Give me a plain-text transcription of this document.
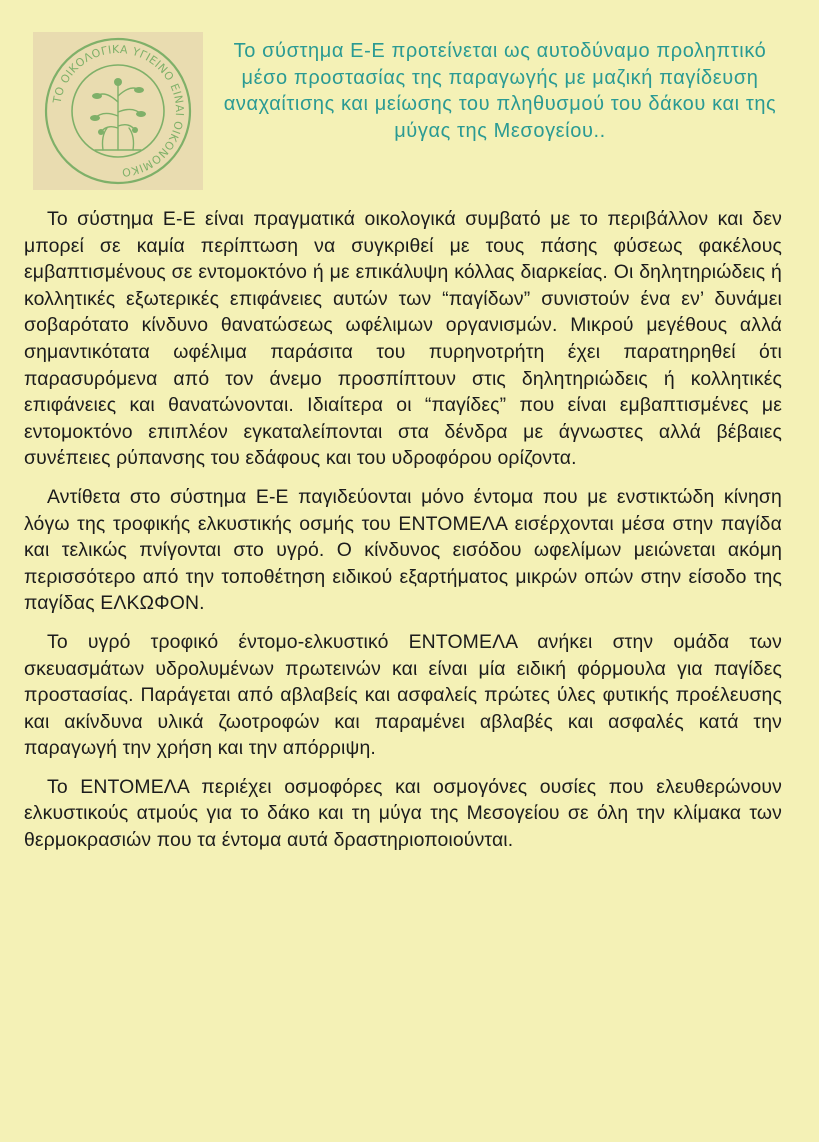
ΤΟ ΟΙΚΟΛΟΓΙΚΑ ΥΓΙΕΙΝΟ ΕΙΝΑΙ ΟΙΚΟΝΟΜΙΚΟ

Το σύστημα Ε-Ε προτείνεται ως αυτοδύναμο προληπτικό μέσο προστασίας της παραγωγής με μαζική παγίδευση αναχαίτισης και μείωσης του πληθυσμού του δάκου και της μύγας της Μεσογείου..

Το σύστημα Ε-Ε είναι πραγματικά οικολογικά συμβατό με το περιβάλλον και δεν μπορεί σε καμία περίπτωση να συγκριθεί με τους πάσης φύσεως φακέλους εμβαπτισμένους σε εντομοκτόνο ή με επικάλυψη κόλλας διαρκείας. Οι δηλητηριώδεις ή κολλητικές εξωτερικές επιφάνειες αυτών των “παγίδων” συνιστούν ένα εν’ δυνάμει σοβαρότατο κίνδυνο θανατώσεως ωφέλιμων οργανισμών. Μικρού μεγέθους αλλά σημαντικότατα ωφέλιμα παράσιτα του πυρηνοτρήτη έχει παρατηρηθεί ότι παρασυρόμενα από τον άνεμο προσπίπτουν στις δηλητηριώδεις ή κολλητικές επιφάνειες και θανατώνονται. Ιδιαίτερα οι “παγίδες” που είναι εμβαπτισμένες με εντομοκτόνο επιπλέον εγκαταλείπονται στα δένδρα με άγνωστες αλλά βέβαιες συνέπειες ρύπανσης του εδάφους και του υδροφόρου ορίζοντα.

Αντίθετα στο σύστημα Ε-Ε παγιδεύονται μόνο έντομα που με ενστικτώδη κίνηση λόγω της τροφικής ελκυστικής οσμής του ΕΝΤΟΜΕΛΑ εισέρχονται μέσα στην παγίδα και τελικώς πνίγονται στο υγρό. Ο κίνδυνος εισόδου ωφελίμων μειώνεται ακόμη περισσότερο από την τοποθέτηση ειδικού εξαρτήματος μικρών οπών στην είσοδο της παγίδας ΕΛΚΩΦΟΝ.

Το υγρό τροφικό έντομο-ελκυστικό ΕΝΤΟΜΕΛΑ ανήκει στην ομάδα των σκευασμάτων υδρολυμένων πρωτεινών και είναι μία ειδική φόρμουλα για παγίδες προστασίας. Παράγεται από αβλαβείς και ασφαλείς πρώτες ύλες φυτικής προέλευσης και ακίνδυνα υλικά ζωοτροφών και παραμένει αβλαβές και ασφαλές κατά την παραγωγή την χρήση και την απόρριψη.

Το ΕΝΤΟΜΕΛΑ περιέχει οσμοφόρες και οσμογόνες ουσίες που ελευθερώνουν ελκυστικούς ατμούς για το δάκο και τη μύγα της Μεσογείου σε όλη την κλίμακα των θερμοκρασιών που τα έντομα αυτά δραστηριοποιούνται.
